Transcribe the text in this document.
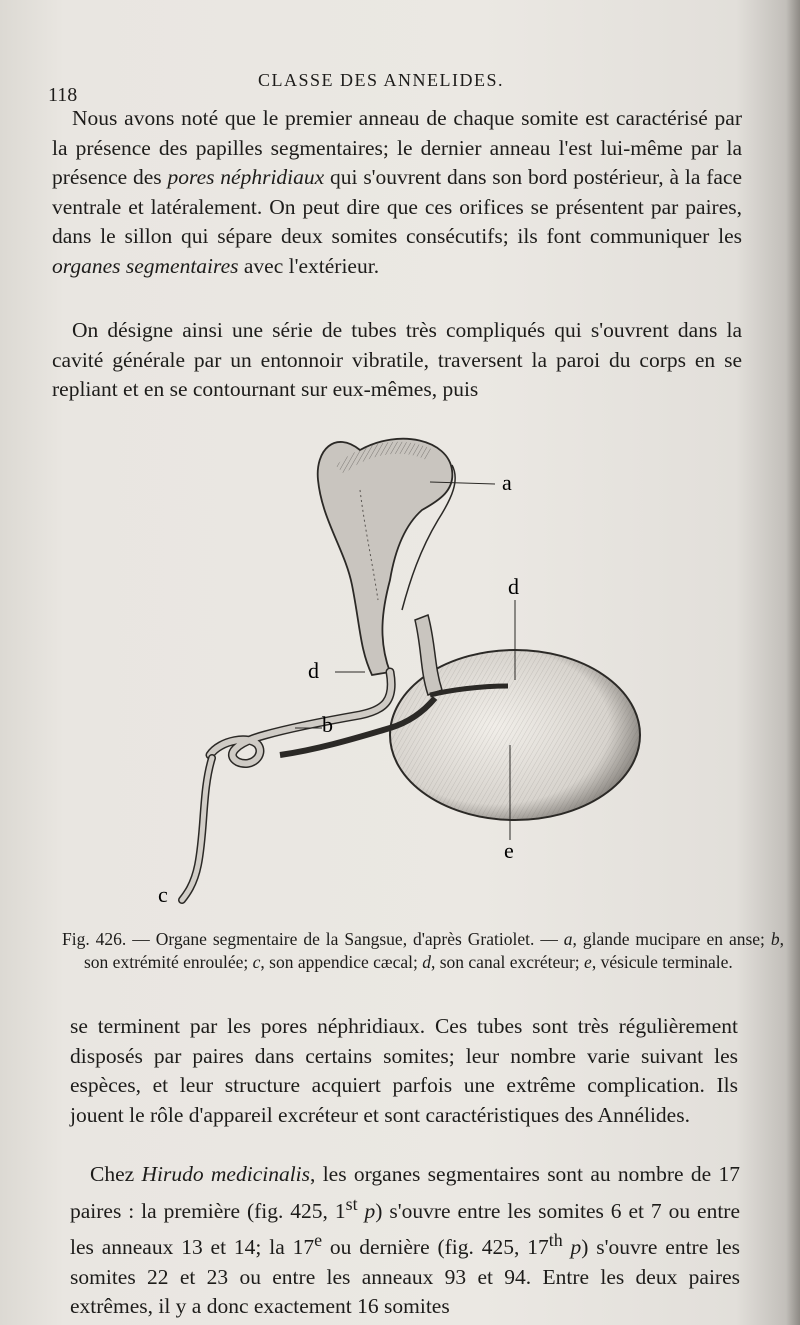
118
CLASSE DES ANNELIDES.

Nous avons noté que le premier anneau de chaque somite est caractérisé par la présence des papilles segmentaires; le dernier anneau l'est lui-même par la présence des pores néphridiaux qui s'ouvrent dans son bord postérieur, à la face ventrale et latéralement. On peut dire que ces orifices se présentent par paires, dans le sillon qui sépare deux somites consécutifs; ils font communiquer les organes segmentaires avec l'extérieur.

On désigne ainsi une série de tubes très compliqués qui s'ouvrent dans la cavité générale par un entonnoir vibratile, traversent la paroi du corps en se repliant et en se contournant sur eux-mêmes, puis

a
d
d
b
c
e

Fig. 426. — Organe segmentaire de la Sangsue, d'après Gratiolet. — a, glande mucipare en anse; b, son extrémité enroulée; c, son appendice cæcal; d, son canal excréteur; e, vésicule terminale.

se terminent par les pores néphridiaux. Ces tubes sont très régulièrement disposés par paires dans certains somites; leur nombre varie suivant les espèces, et leur structure acquiert parfois une extrême complication. Ils jouent le rôle d'appareil excréteur et sont caractéristiques des Annélides.

Chez Hirudo medicinalis, les organes segmentaires sont au nombre de 17 paires : la première (fig. 425, 1st p) s'ouvre entre les somites 6 et 7 ou entre les anneaux 13 et 14; la 17e ou dernière (fig. 425, 17th p) s'ouvre entre les somites 22 et 23 ou entre les anneaux 93 et 94. Entre les deux paires extrêmes, il y a donc exactement 16 somites
